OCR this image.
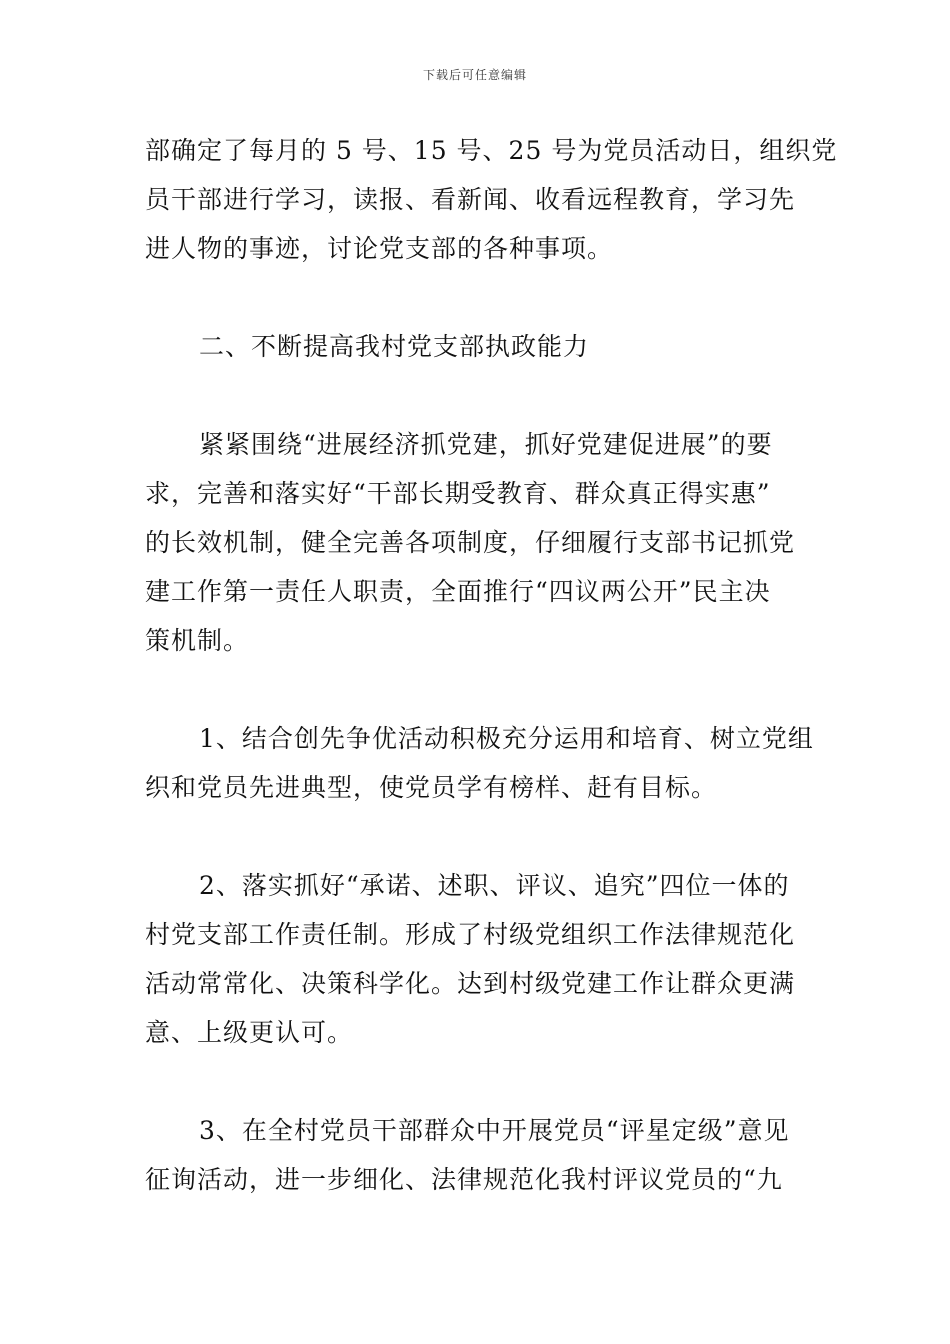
下载后可任意编辑

部确定了每月的 5 号、15 号、25 号为党员活动日，组织党
员干部进行学习，读报、看新闻、收看远程教育，学习先
进人物的事迹，讨论党支部的各种事项。

二、不断提高我村党支部执政能力

紧紧围绕“进展经济抓党建，抓好党建促进展”的要
求，完善和落实好“干部长期受教育、群众真正得实惠”
的长效机制，健全完善各项制度，仔细履行支部书记抓党
建工作第一责任人职责，全面推行“四议两公开”民主决
策机制。

1、结合创先争优活动积极充分运用和培育、树立党组
织和党员先进典型，使党员学有榜样、赶有目标。

2、落实抓好“承诺、述职、评议、追究”四位一体的
村党支部工作责任制。形成了村级党组织工作法律规范化
活动常常化、决策科学化。达到村级党建工作让群众更满
意、上级更认可。

3、在全村党员干部群众中开展党员“评星定级”意见
征询活动，进一步细化、法律规范化我村评议党员的“九
